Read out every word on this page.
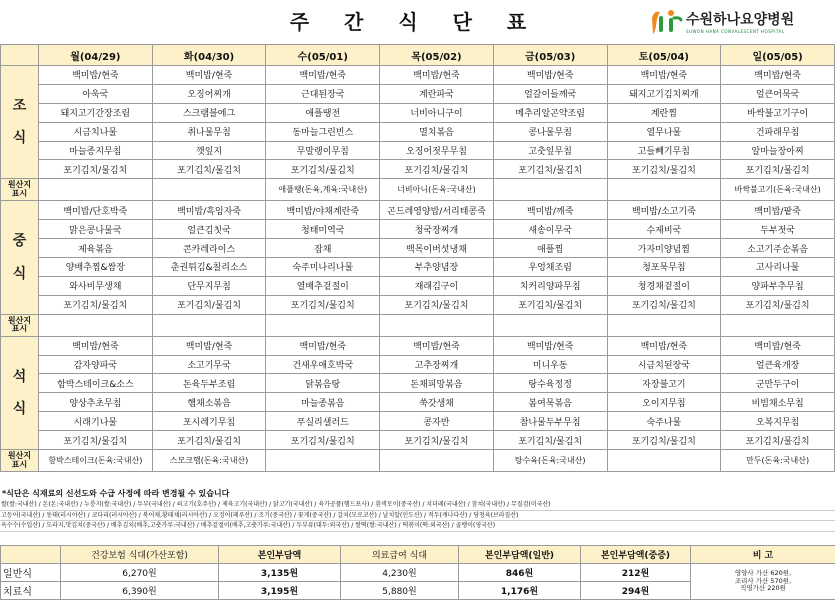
주 간 식 단 표	수원하나요양병원
SUWON HANA CONVALESCENT HOSPITAL
	월(04/29)	화(04/30)	수(05/01)	목(05/02)	금(05/03)	토(05/04)	일(05/05)
조

식	백미밥/현죽	백미밥/현죽	백미밥/현죽	백미밥/현죽	백미밥/현죽	백미밥/현죽	백미밥/현죽
	아욱국	오징어찌개	근대된장국	계란파국	얼갈이들깨국	돼지고기김치찌개	얼큰어묵국
	돼지고기간장조림	스크램블에그	애플땡전	너비아니구이	메추리알곤약조림	계란찜	바싹불고기구이
	시금치나물	취나물무침	동마늘그린빈스	멸치볶음	콩나물무침	열무나물	건파래무침
	마늘종지무침	깻잎지	무말랭이무침	오징어젓무무침	고춧잎무침	고들빼기무침	알마늘장아찌
	포기김치/물김치	포기김치/물김치	포기김치/물김치	포기김치/물김치	포기김치/물김치	포기김치/물김치	포기김치/물김치
원산지
표시			애플땡(돈육,계육:국내산)	너비아니(돈육:국내산)			바싹불고기(돈육:국내산)
중

식	백미밥/단호박죽	백미밥/흑임자죽	백미밥/야채계란죽	곤드레영양밥/서리태콩죽	백미밥/깨죽	백미밥/소고기죽	백미밥/팥죽
	맑은콩나물국	얼큰김칫국	청태미역국	청국장찌개	새송이무국	수제비국	두부젓국
	제육볶음	콘카레라이스	잡채	백목이버섯냉채	애플찜	가자미양념찜	소고기주순볶음
	양배추찜&쌈장	춘권튀김&칠리소스	숙주미나리나물	부추양념장	우엉채조림	청포묵무침	고사리나물
	와사비무생채	단무지무침	열배추겉절이	재래김구이	치커리양파무침	청경채겉절이	양파부추무침
	포기김치/물김치	포기김치/물김치	포기김치/물김치	포기김치/물김치	포기김치/물김치	포기김치/물김치	포기김치/물김치
원산지
표시							
석

식	백미밥/현죽	백미밥/현죽	백미밥/현죽	백미밥/현죽	백미밥/현죽	백미밥/현죽	백미밥/현죽
	감자양파국	소고기무국	건새우애호박국	고추장찌개	미니우동	시금치된장국	얼큰육개장
	함박스테이크&소스	돈육두부조림	닭볶음탕	돈채피망볶음	탕수육정정	자장불고기	군만두구이
	양상추초무침	햄채소볶음	마늘종볶음	쑥갓생채	봄여묵볶음	오이지무침	비빔채소무침
	시래기나물	포시레기무침	푸실리샐러드	콩자반	참나물두부무침	숙주나물	오복지무침
	포기김치/물김치	포기김치/물김치	포기김치/물김치	포기김치/물김치	포기김치/물김치	포기김치/물김치	포기김치/물김치
원산지
표시	함박스테이크(돈육:국내산)	스모크햄(돈육:국내산)			탕수육(돈육:국내산)		만두(돈육:국내산)
*식단은 식재료의 신선도와 수급 사정에 따라 변경될 수 있습니다
쌀(쌀:국내산) / 돈(돈:국내산) / 누룽지(쌀:국내산) / 두부(국내산) / 쇠고기(호주산) / 제육고기(국내산) / 닭고기(국내산) / 육가공품(햄드포사) / 흰색모이(중국산) / 치더레(국내산) / 참치(국내산) / 무질검(미국산)
고등어(국내산) / 동태(러시아산) / 코다리(러시아산) / 북어채,황태채(러시아산) / 오징어(페루산) / 조기(중국산) / 꽃게(중국산) / 갈치(모로코산) / 날치알(인도산) / 적두(캐나다산) / 당청육(브라질산)
옥수수(수입산) / 도라지,맛김치(중국산) / 배추김치(배추,고춧가루:국내산) / 배추겉절이(배추,고춧가루:국내산) / 두부류(대두:외국산) / 쌀떡(쌀:국내산) / 떡볶이(떡:외국산) / 골뱅이(영국산)
	건강보험 식대(가산포함)	본인부담액	의료급여 식대	본인부담액(일반)	본인부담액(중증)	비 고
일반식	6,270원	3,135원	4,230원	846원	212원	영양사 가산 620원,
조리사 가산 570원,
직영가산 220원
치료식	6,390원	3,195원	5,880원	1,176원	294원	
